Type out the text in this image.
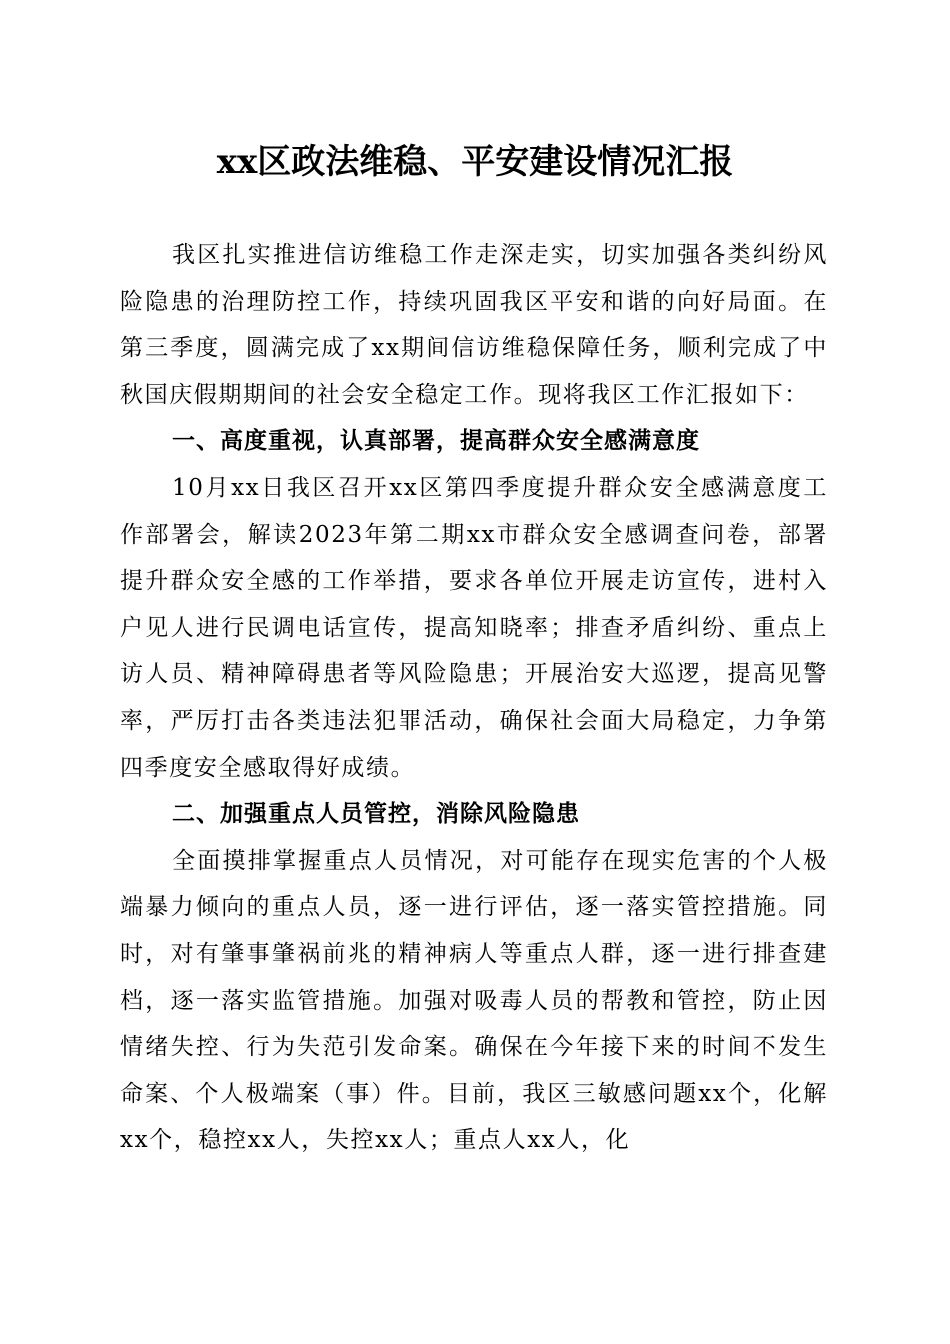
xx区政法维稳、平安建设情况汇报

我区扎实推进信访维稳工作走深走实，切实加强各类纠纷风险隐患的治理防控工作，持续巩固我区平安和谐的向好局面。在第三季度，圆满完成了xx期间信访维稳保障任务，顺利完成了中秋国庆假期期间的社会安全稳定工作。现将我区工作汇报如下：

一、高度重视，认真部署，提高群众安全感满意度

10月xx日我区召开xx区第四季度提升群众安全感满意度工作部署会，解读2023年第二期xx市群众安全感调查问卷，部署提升群众安全感的工作举措，要求各单位开展走访宣传，进村入户见人进行民调电话宣传，提高知晓率；排查矛盾纠纷、重点上访人员、精神障碍患者等风险隐患；开展治安大巡逻，提高见警率，严厉打击各类违法犯罪活动，确保社会面大局稳定，力争第四季度安全感取得好成绩。

二、加强重点人员管控，消除风险隐患

全面摸排掌握重点人员情况，对可能存在现实危害的个人极端暴力倾向的重点人员，逐一进行评估，逐一落实管控措施。同时，对有肇事肇祸前兆的精神病人等重点人群，逐一进行排查建档，逐一落实监管措施。加强对吸毒人员的帮教和管控，防止因情绪失控、行为失范引发命案。确保在今年接下来的时间不发生命案、个人极端案（事）件。目前，我区三敏感问题xx个，化解xx个，稳控xx人，失控xx人；重点人xx人，化
